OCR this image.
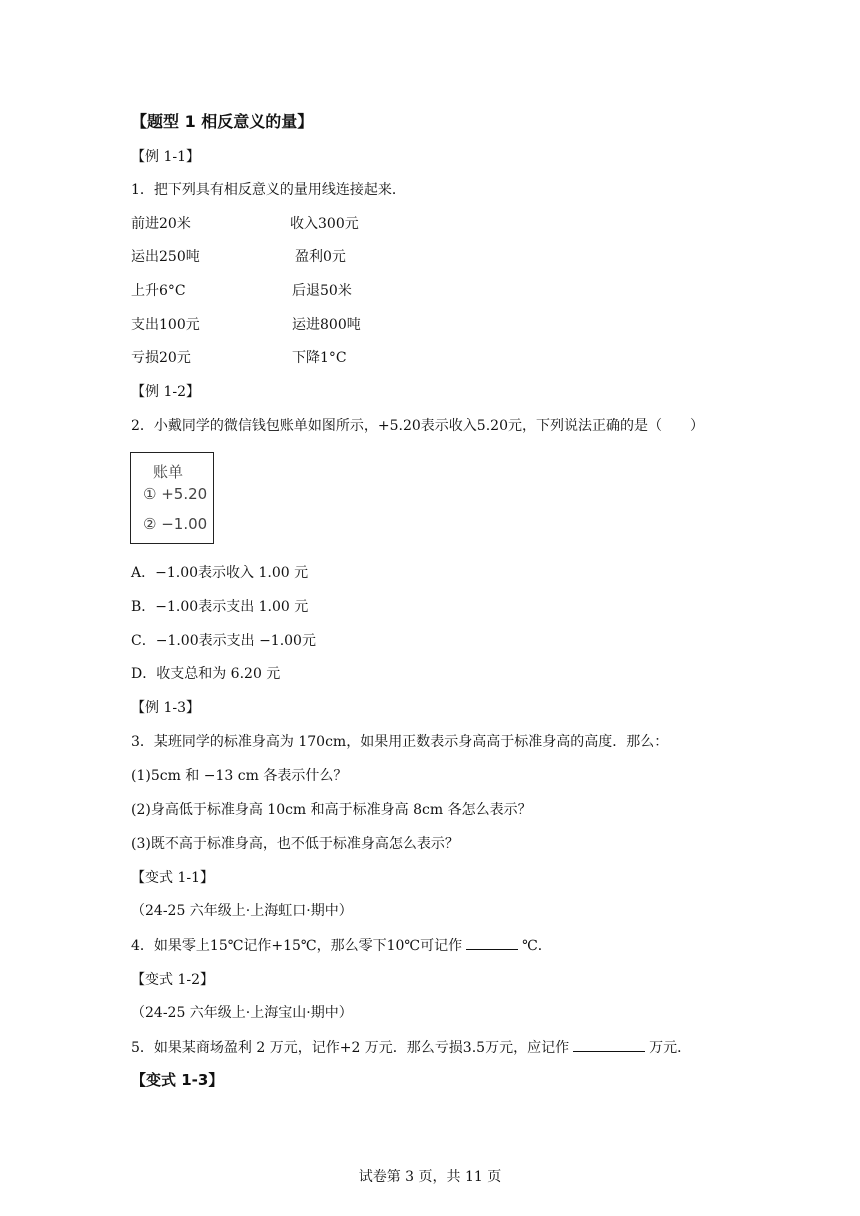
【题型 1 相反意义的量】
【例 1-1】
1．把下列具有相反意义的量用线连接起来．
前进20米	收入300元
运出250吨	盈利0元
上升6°C	后退50米
支出100元	运进800吨
亏损20元	下降1°C
【例 1-2】
2．小戴同学的微信钱包账单如图所示，+5.20表示收入5.20元，下列说法正确的是（　　）
账单
① +5.20
② −1.00
A．−1.00表示收入 1.00 元
B．−1.00表示支出 1.00 元
C．−1.00表示支出 −1.00元
D．收支总和为 6.20 元
【例 1-3】
3．某班同学的标准身高为 170cm，如果用正数表示身高高于标准身高的高度．那么：
(1)5cm 和 −13 cm 各表示什么？
(2)身高低于标准身高 10cm 和高于标准身高 8cm 各怎么表示？
(3)既不高于标准身高，也不低于标准身高怎么表示？
【变式 1-1】
（24-25 六年级上·上海虹口·期中）
4．如果零上15℃记作+15℃，那么零下10℃可记作	℃．
【变式 1-2】
（24-25 六年级上·上海宝山·期中）
5．如果某商场盈利 2 万元，记作+2 万元．那么亏损3.5万元，应记作	万元．
【变式 1-3】
试卷第 3 页，共 11 页
